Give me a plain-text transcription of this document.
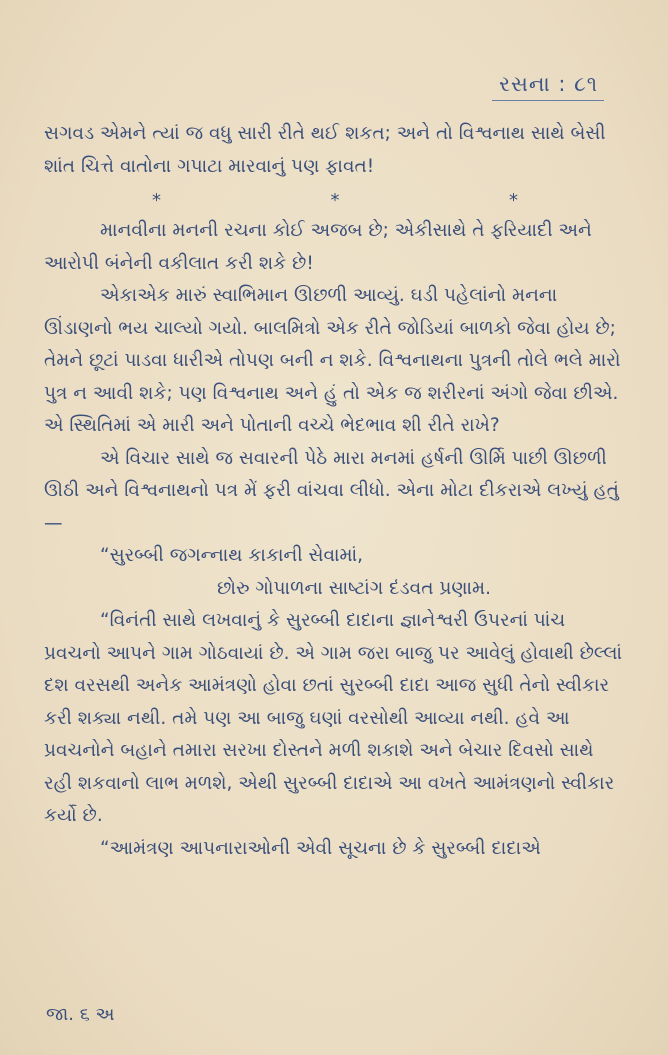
રસના : ૮૧

સગવડ એમને ત્યાં જ વધુ સારી રીતે થઈ શકત; અને તો વિશ્વનાથ સાથે બેસી શાંત ચિત્તે વાતોના ગપાટા મારવાનું પણ ફાવત!

*	*	*

માનવીના મનની રચના કોઈ અજબ છે; એકીસાથે તે ફરિયાદી અને આરોપી બંનેની વકીલાત કરી શકે છે!

એકાએક મારું સ્વાભિમાન ઊછળી આવ્યું. ઘડી પહેલાંનો મનના ઊંડાણનો ભય ચાલ્યો ગયો. બાલમિત્રો એક રીતે જોડિયાં બાળકો જેવા હોય છે; તેમને છૂટાં પાડવા ધારીએ તોપણ બની ન શકે. વિશ્વનાથના પુત્રની તોલે ભલે મારો પુત્ર ન આવી શકે; પણ વિશ્વનાથ અને હું તો એક જ શરીરનાં અંગો જેવા છીએ. એ સ્થિતિમાં એ મારી અને પોતાની વચ્ચે ભેદભાવ શી રીતે રાખે?

એ વિચાર સાથે જ સવારની પેઠે મારા મનમાં હર્ષની ઊર્મિ પાછી ઊછળી ઊઠી અને વિશ્વનાથનો પત્ર મેં ફરી વાંચવા લીધો. એના મોટા દીકરાએ લખ્યું હતું—

“સુરબ્બી જગન્નાથ કાકાની સેવામાં,

છોરુ ગોપાળના સાષ્ટાંગ દંડવત પ્રણામ.

“વિનંતી સાથે લખવાનું કે સુરબ્બી દાદાના જ્ઞાનેશ્વરી ઉપરનાં પાંચ પ્રવચનો આપને ગામ ગોઠવાયાં છે. એ ગામ જરા બાજુ પર આવેલું હોવાથી છેલ્લાં દશ વરસથી અનેક આમંત્રણો હોવા છતાં સુરબ્બી દાદા આજ સુધી તેનો સ્વીકાર કરી શક્યા નથી. તમે પણ આ બાજુ ઘણાં વરસોથી આવ્યા નથી. હવે આ પ્રવચનોને બહાને તમારા સરખા દોસ્તને મળી શકાશે અને બેચાર દિવસો સાથે રહી શકવાનો લાભ મળશે, એથી સુરબ્બી દાદાએ આ વખતે આમંત્રણનો સ્વીકાર કર્યો છે.

“આમંત્રણ આપનારાઓની એવી સૂચના છે કે સુરબ્બી દાદાએ

જા. ૬ અ
